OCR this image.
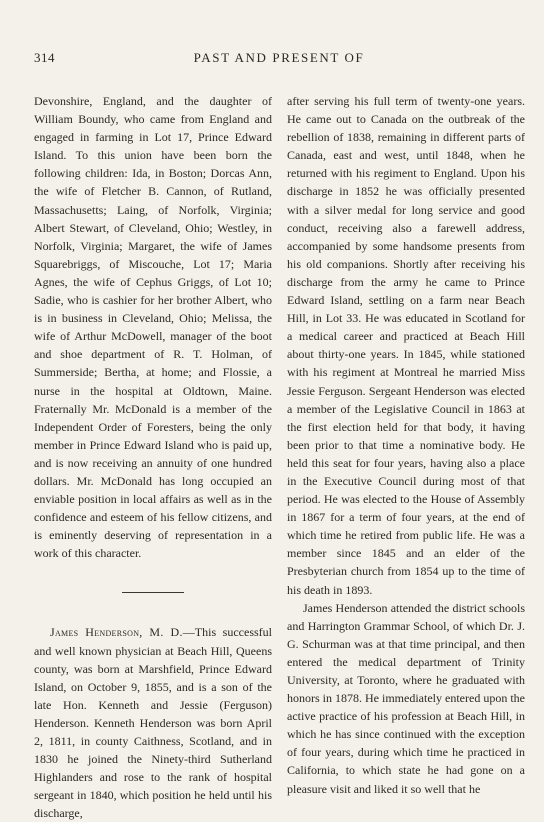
314	PAST AND PRESENT OF

Devonshire, England, and the daughter of William Boundy, who came from England and engaged in farming in Lot 17, Prince Edward Island. To this union have been born the following children: Ida, in Boston; Dorcas Ann, the wife of Fletcher B. Cannon, of Rutland, Massachusetts; Laing, of Norfolk, Virginia; Albert Stewart, of Cleveland, Ohio; Westley, in Norfolk, Virginia; Margaret, the wife of James Squarebriggs, of Miscouche, Lot 17; Maria Agnes, the wife of Cephus Griggs, of Lot 10; Sadie, who is cashier for her brother Albert, who is in business in Cleveland, Ohio; Melissa, the wife of Arthur McDowell, manager of the boot and shoe department of R. T. Holman, of Summerside; Bertha, at home; and Flossie, a nurse in the hospital at Oldtown, Maine. Fraternally Mr. McDonald is a member of the Independent Order of Foresters, being the only member in Prince Edward Island who is paid up, and is now receiving an annuity of one hundred dollars. Mr. McDonald has long occupied an enviable position in local affairs as well as in the confidence and esteem of his fellow citizens, and is eminently deserving of representation in a work of this character.

James Henderson, M. D.—This successful and well known physician at Beach Hill, Queens county, was born at Marshfield, Prince Edward Island, on October 9, 1855, and is a son of the late Hon. Kenneth and Jessie (Ferguson) Henderson. Kenneth Henderson was born April 2, 1811, in county Caithness, Scotland, and in 1830 he joined the Ninety-third Sutherland Highlanders and rose to the rank of hospital sergeant in 1840, which position he held until his discharge,

after serving his full term of twenty-one years. He came out to Canada on the outbreak of the rebellion of 1838, remaining in different parts of Canada, east and west, until 1848, when he returned with his regiment to England. Upon his discharge in 1852 he was officially presented with a silver medal for long service and good conduct, receiving also a farewell address, accompanied by some handsome presents from his old companions. Shortly after receiving his discharge from the army he came to Prince Edward Island, settling on a farm near Beach Hill, in Lot 33. He was educated in Scotland for a medical career and practiced at Beach Hill about thirty-one years. In 1845, while stationed with his regiment at Montreal he married Miss Jessie Ferguson. Sergeant Henderson was elected a member of the Legislative Council in 1863 at the first election held for that body, it having been prior to that time a nominative body. He held this seat for four years, having also a place in the Executive Council during most of that period. He was elected to the House of Assembly in 1867 for a term of four years, at the end of which time he retired from public life. He was a member since 1845 and an elder of the Presbyterian church from 1854 up to the time of his death in 1893.

James Henderson attended the district schools and Harrington Grammar School, of which Dr. J. G. Schurman was at that time principal, and then entered the medical department of Trinity University, at Toronto, where he graduated with honors in 1878. He immediately entered upon the active practice of his profession at Beach Hill, in which he has since continued with the exception of four years, during which time he practiced in California, to which state he had gone on a pleasure visit and liked it so well that he
